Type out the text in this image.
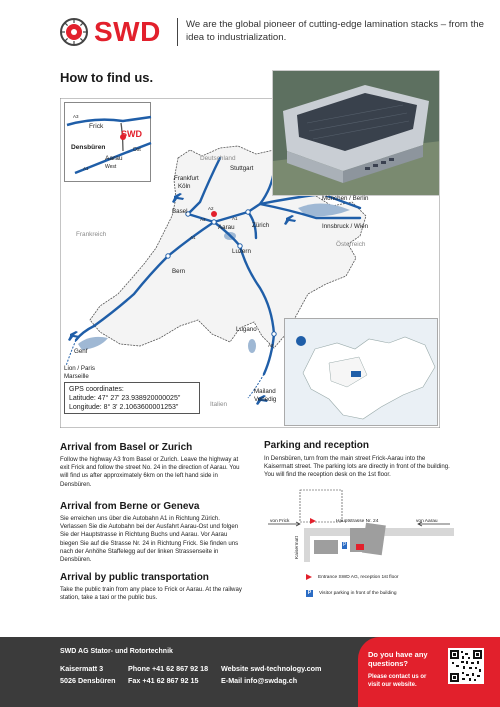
SWD	We are the global pioneer of cutting-edge lamination stacks – from the idea to industrialization.
How to find us.
SWD
Frick
Densbüren
Aarau
Ost
West
A3
A1
Deutschland
Frankreich
Österreich
Italien
Frankfurt
Köln
Stuttgart
München / Berlin
Innsbruck / Wien
Basel
Aarau	Zürich
Luzern
Bern
Genf
Lion / Paris
Marseille
Lugano
Mailand
Venedig
A3
A2
A1
A1
A2
GPS coordinates:
Latitude: 47° 27' 23.938920000025"
Longitude: 8° 3' 2.1063600001253"
Arrival from Basel or Zurich
Follow the highway A3 from Basel or Zurich. Leave the highway at exit Frick and follow the street No. 24 in the direction of Aarau. You will find us after approximately 6km on the left hand side in Densbüren.
Arrival from Berne or Geneva
Sie erreichen uns über die Autobahn A1 in Richtung Zürich. Verlassen Sie die Autobahn bei der Ausfahrt Aarau-Ost und folgen Sie der Hauptstrasse in Richtung Buchs und Aarau. Vor Aarau biegen Sie auf die Strasse Nr. 24 in Richtung Frick. Sie finden uns nach der Anhöhe Staffelegg auf der linken Strassenseite in Densbüren.
Arrival by public transportation
Take the public train from any place to Frick or Aarau. At the railway station, take a taxi or the public bus.
Parking and reception
In Densbüren, turn from the main street Frick-Aarau into the Kaisermatt street. The parking lots are directly in front of the building. You will find the reception desk on the 1st floor.
von Frick	Hauptstrasse Nr. 24	von Aarau
Kaisermatt	P
Entrance SWD AG, reception 1st floor
P	Visitor parking in front of the building
SWD AG Stator- und Rotortechnik
Kaisermatt 3
5026 Densbüren
Phone +41 62 867 92 18
Fax +41 62 867 92 15
Website swd-technology.com
E-Mail info@swdag.ch
Do you have any questions?
Please contact us or visit our website.
